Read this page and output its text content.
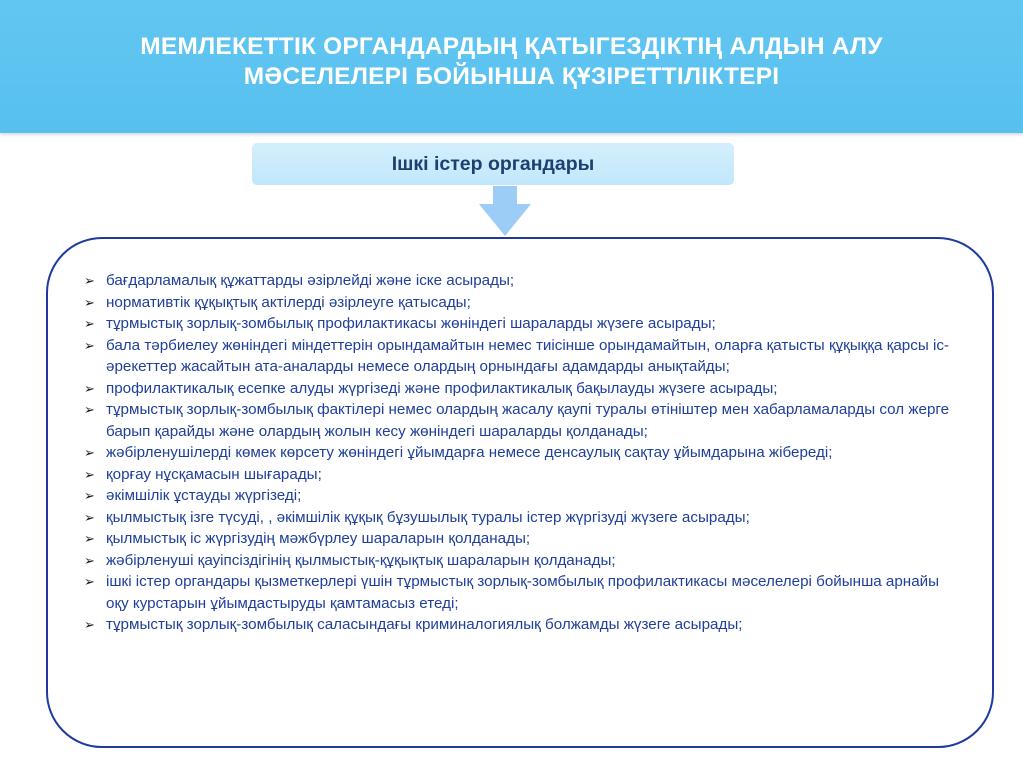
МЕМЛЕКЕТТІК ОРГАНДАРДЫҢ ҚАТЫГЕЗДІКТІҢ АЛДЫН АЛУ
МӘСЕЛЕЛЕРІ БОЙЫНША ҚҰЗІРЕТТІЛІКТЕРІ
Ішкі істер органдары
➢ бағдарламалық құжаттарды әзірлейді және іске асырады;
➢ нормативтік құқықтық актілерді әзірлеуге қатысады;
➢ тұрмыстық зорлық-зомбылық профилактикасы жөніндегі шараларды жүзеге асырады;
➢ бала тәрбиелеу жөніндегі міндеттерін орындамайтын немес тиісінше орындамайтын, оларға қатысты құқыққа қарсы іс-әрекеттер жасайтын ата-аналарды немесе олардың орнындағы адамдарды анықтайды;
➢ профилактикалық есепке алуды жүргізеді және профилактикалық бақылауды жүзеге асырады;
➢ тұрмыстық зорлық-зомбылық фактілері немес олардың жасалу қаупі туралы өтініштер мен хабарламаларды сол жерге барып қарайды және олардың жолын кесу жөніндегі шараларды қолданады;
➢ жәбірленушілерді көмек көрсету жөніндегі ұйымдарға немесе денсаулық сақтау ұйымдарына жібереді;
➢ қорғау нұсқамасын шығарады;
➢ әкімшілік ұстауды жүргізеді;
➢ қылмыстық ізге түсуді, , әкімшілік құқық бұзушылық туралы істер жүргізуді жүзеге асырады;
➢ қылмыстық іс жүргізудің мәжбүрлеу шараларын қолданады;
➢ жәбірленуші қауіпсіздігінің қылмыстық-құқықтық шараларын қолданады;
➢ ішкі істер органдары қызметкерлері үшін тұрмыстық зорлық-зомбылық профилактикасы мәселелері бойынша арнайы оқу курстарын ұйымдастыруды қамтамасыз етеді;
➢ тұрмыстық зорлық-зомбылық саласындағы криминалогиялық болжамды жүзеге асырады;
